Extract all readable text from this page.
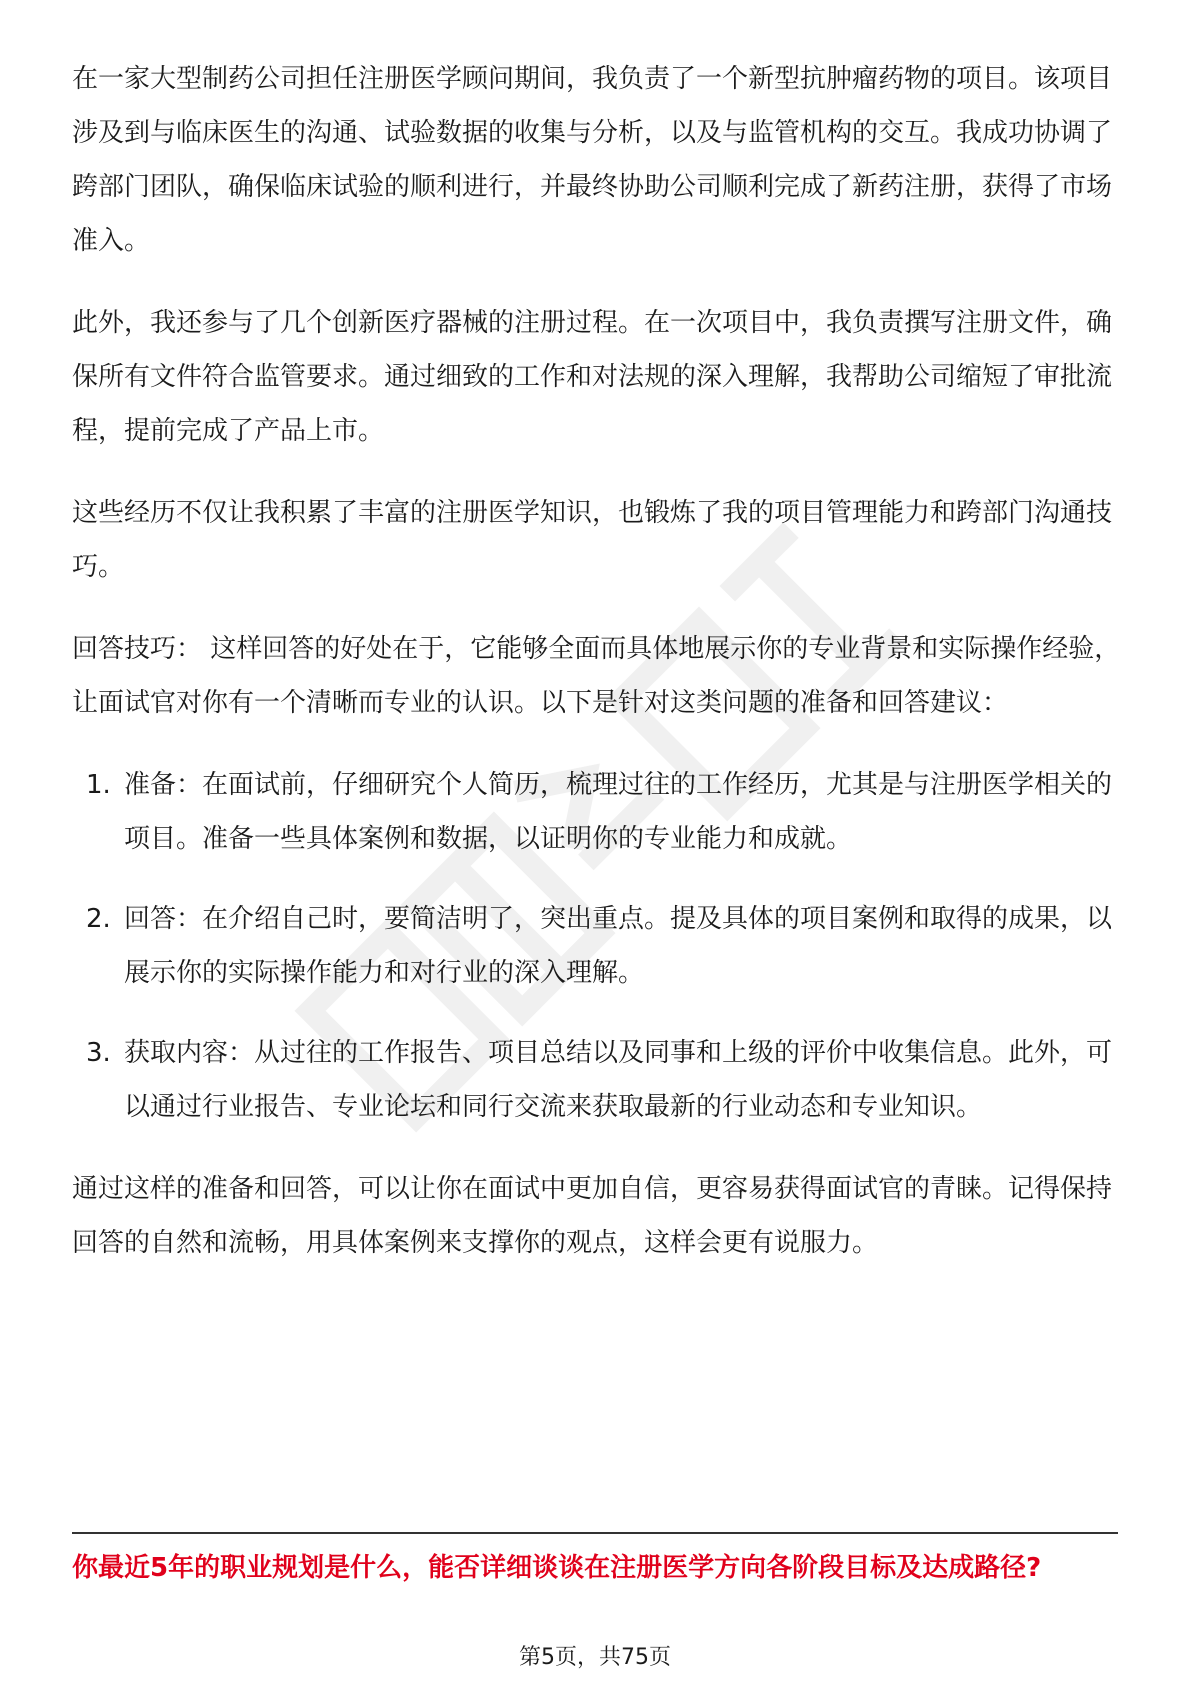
在一家大型制药公司担任注册医学顾问期间，我负责了一个新型抗肿瘤药物的项目。该项目涉及到与临床医生的沟通、试验数据的收集与分析，以及与监管机构的交互。我成功协调了跨部门团队，确保临床试验的顺利进行，并最终协助公司顺利完成了新药注册，获得了市场准入。

此外，我还参与了几个创新医疗器械的注册过程。在一次项目中，我负责撰写注册文件，确保所有文件符合监管要求。通过细致的工作和对法规的深入理解，我帮助公司缩短了审批流程，提前完成了产品上市。

这些经历不仅让我积累了丰富的注册医学知识，也锻炼了我的项目管理能力和跨部门沟通技巧。

回答技巧： 这样回答的好处在于，它能够全面而具体地展示你的专业背景和实际操作经验，让面试官对你有一个清晰而专业的认识。以下是针对这类问题的准备和回答建议：

1. 准备：在面试前，仔细研究个人简历，梳理过往的工作经历，尤其是与注册医学相关的项目。准备一些具体案例和数据，以证明你的专业能力和成就。
2. 回答：在介绍自己时，要简洁明了，突出重点。提及具体的项目案例和取得的成果，以展示你的实际操作能力和对行业的深入理解。
3. 获取内容：从过往的工作报告、项目总结以及同事和上级的评价中收集信息。此外，可以通过行业报告、专业论坛和同行交流来获取最新的行业动态和专业知识。

通过这样的准备和回答，可以让你在面试中更加自信，更容易获得面试官的青睐。记得保持回答的自然和流畅，用具体案例来支撑你的观点，这样会更有说服力。

你最近5年的职业规划是什么，能否详细谈谈在注册医学方向各阶段目标及达成路径?
第5页，共75页
